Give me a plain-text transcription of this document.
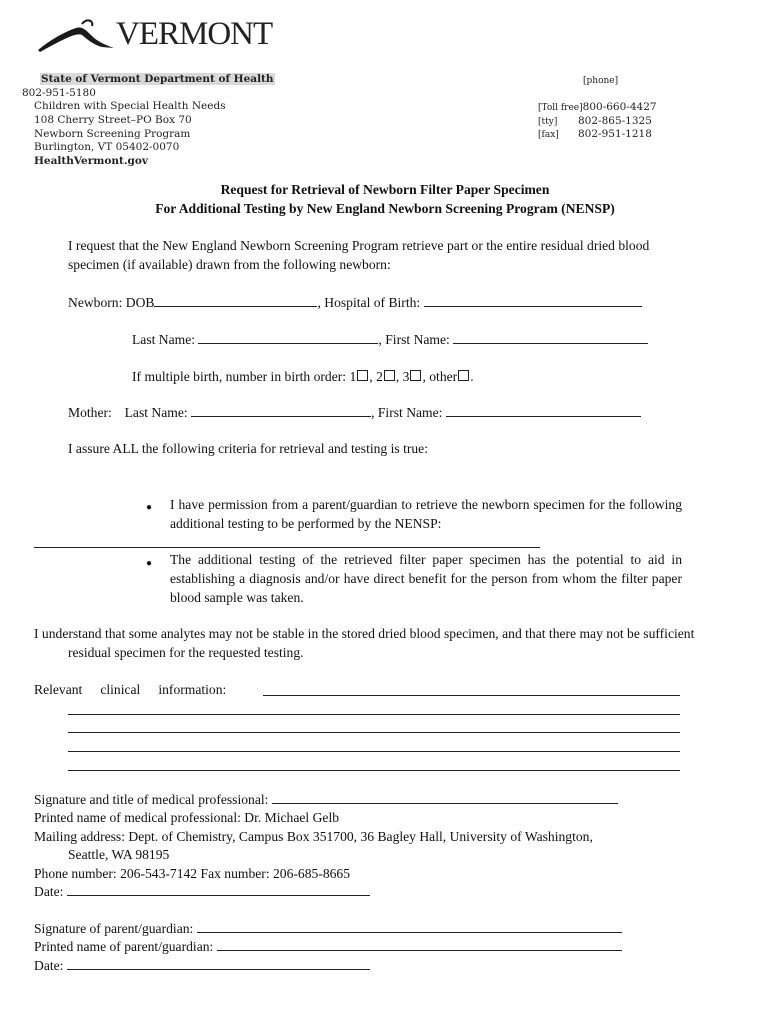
VERMONT
State of Vermont Department of Health
802-951-5180
Children with Special Health Needs
108 Cherry Street–PO Box 70
Newborn Screening Program
Burlington, VT 05402-0070
HealthVermont.gov
[phone]
[Toll free]800-660-4427
[tty] 802-865-1325
[fax] 802-951-1218
Request for Retrieval of Newborn Filter Paper Specimen
For Additional Testing by New England Newborn Screening Program (NENSP)
I request that the New England Newborn Screening Program retrieve part or the entire residual dried blood specimen (if available) drawn from the following newborn:
Newborn: DOB	, Hospital of Birth:
Last Name:	, First Name:
If multiple birth, number in birth order: 1 , 2 , 3 , other .
Mother: Last Name:	, First Name:
I assure ALL the following criteria for retrieval and testing is true:
● I have permission from a parent/guardian to retrieve the newborn specimen for the following additional testing to be performed by the NENSP:
● The additional testing of the retrieved filter paper specimen has the potential to aid in establishing a diagnosis and/or have direct benefit for the person from whom the filter paper blood sample was taken.
I understand that some analytes may not be stable in the stored dried blood specimen, and that there may not be sufficient residual specimen for the requested testing.
Relevant clinical information:
Signature and title of medical professional:
Printed name of medical professional: Dr. Michael Gelb
Mailing address: Dept. of Chemistry, Campus Box 351700, 36 Bagley Hall, University of Washington,
Seattle, WA 98195
Phone number: 206-543-7142 Fax number: 206-685-8665
Date:
Signature of parent/guardian:
Printed name of parent/guardian:
Date:
